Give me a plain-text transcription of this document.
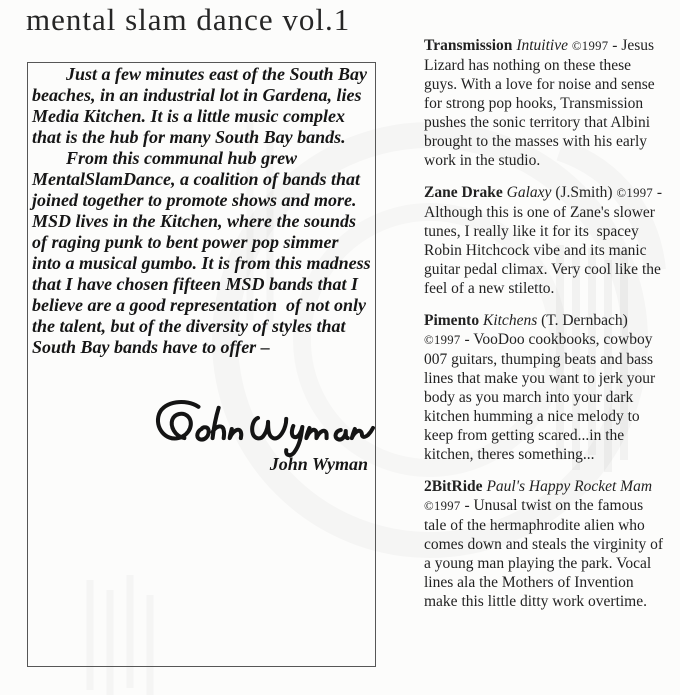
mental slam dance vol.1

Just a few minutes east of the South Bay beaches, in an industrial lot in Gardena, lies Media Kitchen. It is a little music complex that is the hub for many South Bay bands.

From this communal hub grew MentalSlamDance, a coalition of bands that joined together to promote shows and more.  MSD lives in the Kitchen, where the sounds of raging punk to bent power pop simmer into a musical gumbo. It is from this madness that I have chosen fifteen MSD bands that I believe are a good representation  of not only the talent, but of the diversity of styles that South Bay bands have to offer –

John Wyman

Transmission Intuitive ©1997 - Jesus Lizard has nothing on these these guys. With a love for noise and sense for strong pop hooks, Transmission pushes the sonic territory that Albini brought to the masses with his early work in the studio.

Zane Drake Galaxy (J.Smith) ©1997 - Although this is one of Zane's slower tunes, I really like it for its  spacey Robin Hitchcock vibe and its manic guitar pedal climax. Very cool like the feel of a new stiletto.

Pimento Kitchens (T. Dernbach) ©1997 - VooDoo cookbooks, cowboy 007 guitars, thumping beats and bass lines that make you want to jerk your body as you march into your dark kitchen humming a nice melody to keep from getting scared...in the kitchen, theres something...

2BitRide Paul's Happy Rocket Mam ©1997 - Unusal twist on the famous tale of the hermaphrodite alien who comes down and steals the virginity of a young man playing the park. Vocal lines ala the Mothers of Invention make this little ditty work overtime.
